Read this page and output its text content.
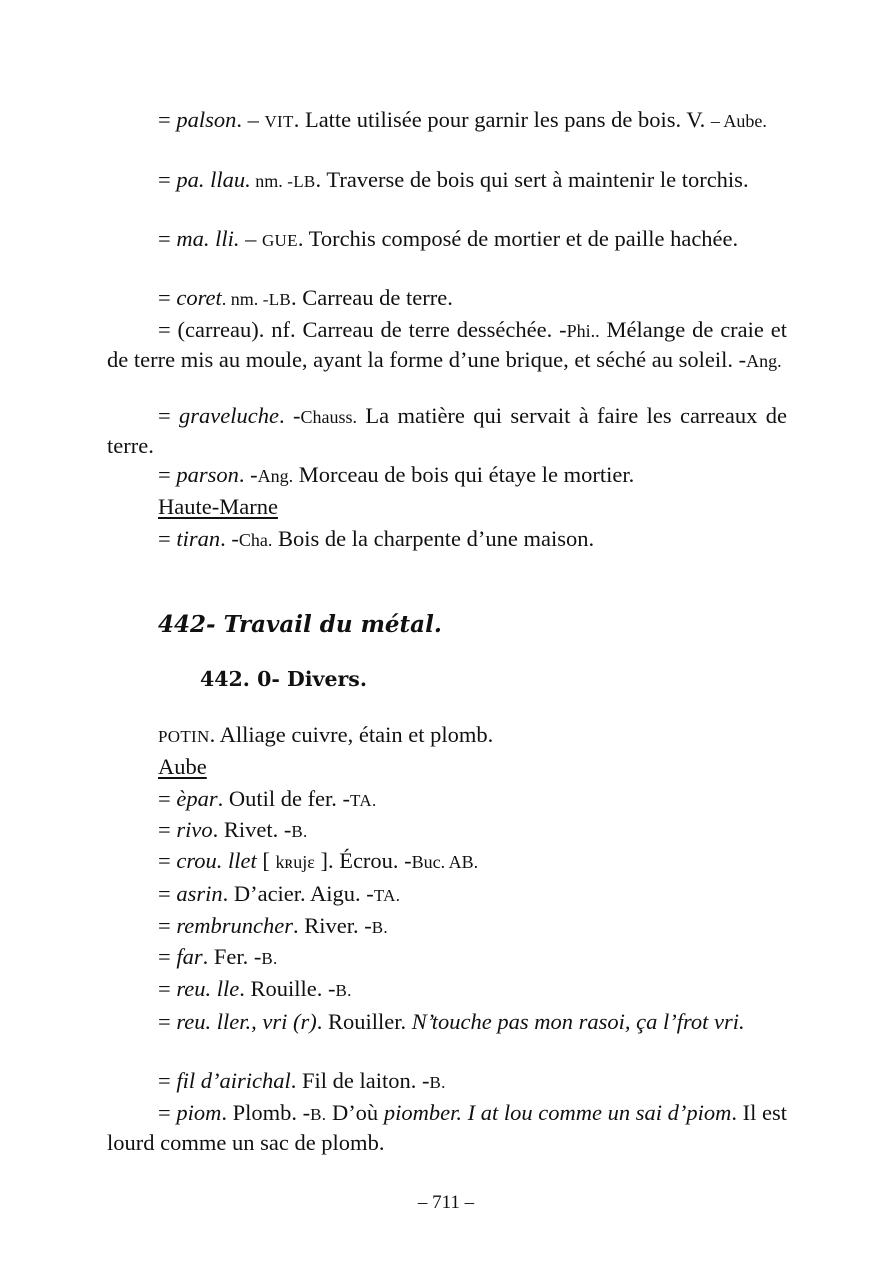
= palson. – VIT. Latte utilisée pour garnir les pans de bois. V. – Aube.

= pa. llau. nm. -LB. Traverse de bois qui sert à maintenir le torchis.

= ma. lli. – GUE. Torchis composé de mortier et de paille hachée.

= coret. nm. -LB. Carreau de terre.

= (carreau). nf. Carreau de terre desséchée. -Phi.. Mélange de craie et de terre mis au moule, ayant la forme d’une brique, et séché au soleil. -Ang.

= graveluche. -Chauss. La matière qui servait à faire les carreaux de terre.

= parson. -Ang. Morceau de bois qui étaye le mortier.

Haute-Marne

= tiran. -Cha. Bois de la charpente d’une maison.

442- Travail du métal.
442. 0- Divers.

POTIN. Alliage cuivre, étain et plomb.

Aube

= èpar. Outil de fer. -TA.

= rivo. Rivet. -B.

= crou. llet [ kʀujɛ ]. Écrou. -Buc. AB.

= asrin. D’acier. Aigu. -TA.

= rembruncher. River. -B.

= far. Fer. -B.

= reu. lle. Rouille. -B.

= reu. ller., vri (r). Rouiller. N’touche pas mon rasoi, ça l’frot vri.

= fil d’airichal. Fil de laiton. -B.

= piom. Plomb. -B. D’où piomber. I at lou comme un sai d’piom. Il est lourd comme un sac de plomb.

– 711 –
